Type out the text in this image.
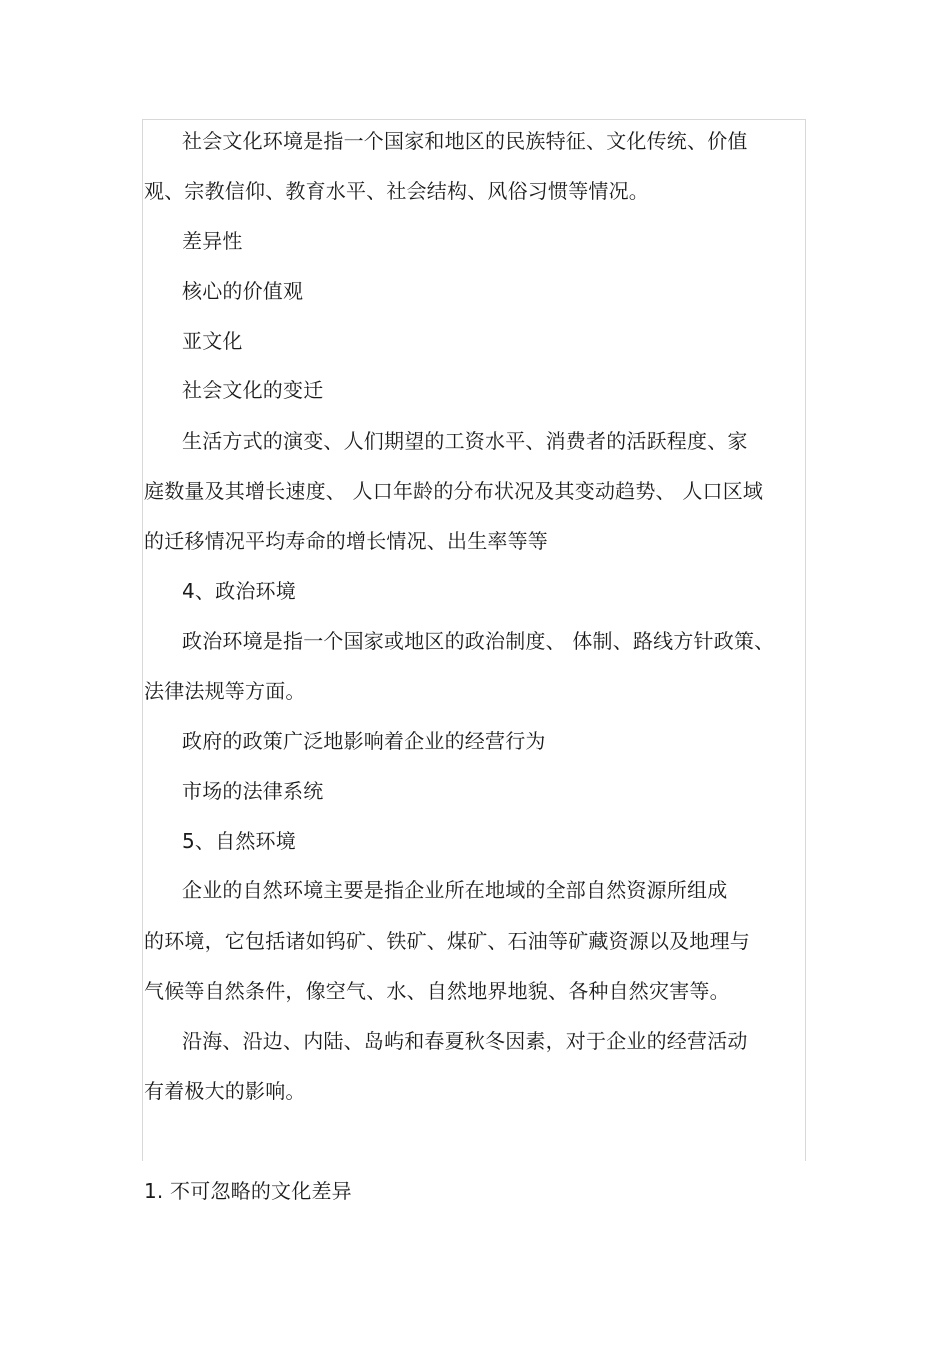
社会文化环境是指一个国家和地区的民族特征、文化传统、价值
观、宗教信仰、教育水平、社会结构、风俗习惯等情况。
差异性
核心的价值观
亚文化
社会文化的变迁
生活方式的演变、人们期望的工资水平、消费者的活跃程度、家
庭数量及其增长速度、 人口年龄的分布状况及其变动趋势、 人口区域
的迁移情况平均寿命的增长情况、出生率等等
4、政治环境
政治环境是指一个国家或地区的政治制度、 体制、路线方针政策、
法律法规等方面。
政府的政策广泛地影响着企业的经营行为
市场的法律系统
5、自然环境
企业的自然环境主要是指企业所在地域的全部自然资源所组成
的环境，它包括诸如钨矿、铁矿、煤矿、石油等矿藏资源以及地理与
气候等自然条件，像空气、水、自然地界地貌、各种自然灾害等。
沿海、沿边、内陆、岛屿和春夏秋冬因素，对于企业的经营活动
有着极大的影响。
1. 不可忽略的文化差异
